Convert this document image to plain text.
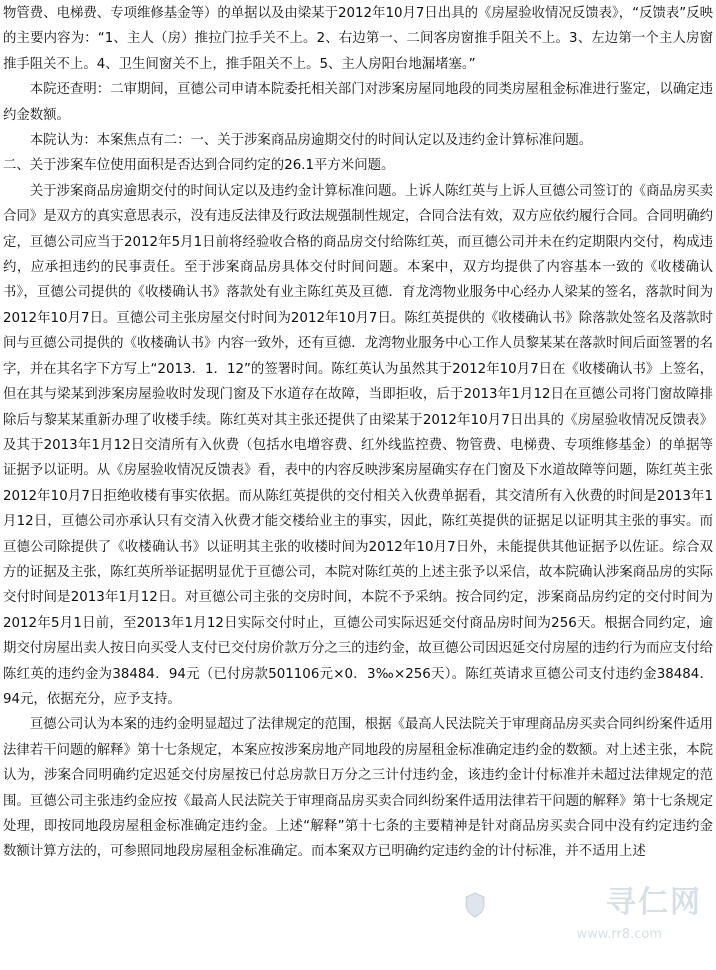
物管费、电梯费、专项维修基金等）的单据以及由梁某于2012年10月7日出具的《房屋验收情况反馈表》，“反馈表”反映的主要内容为：“1、主人（房）推拉门拉手关不上。2、右边第一、二间客房窗推手阻关不上。3、左边第一个主人房窗推手阻关不上。4、卫生间窗关不上，推手阻关不上。5、主人房阳台地漏堵塞。”

本院还查明：二审期间，亘德公司申请本院委托相关部门对涉案房屋同地段的同类房屋租金标准进行鉴定，以确定违约金数额。

本院认为：本案焦点有二：一、关于涉案商品房逾期交付的时间认定以及违约金计算标准问题。

二、关于涉案车位使用面积是否达到合同约定的26.1平方米问题。

关于涉案商品房逾期交付的时间认定以及违约金计算标准问题。上诉人陈红英与上诉人亘德公司签订的《商品房买卖合同》是双方的真实意思表示，没有违反法律及行政法规强制性规定，合同合法有效，双方应依约履行合同。合同明确约定，亘德公司应当于2012年5月1日前将经验收合格的商品房交付给陈红英，而亘德公司并未在约定期限内交付，构成违约，应承担违约的民事责任。至于涉案商品房具体交付时间问题。本案中，双方均提供了内容基本一致的《收楼确认书》，亘德公司提供的《收楼确认书》落款处有业主陈红英及亘德．育龙湾物业服务中心经办人梁某的签名，落款时间为2012年10月7日。亘德公司主张房屋交付时间为2012年10月7日。陈红英提供的《收楼确认书》除落款处签名及落款时间与亘德公司提供的《收楼确认书》内容一致外，还有亘德．龙湾物业服务中心工作人员黎某某在落款时间后面签署的名字，并在其名字下方写上“2013．1．12”的签署时间。陈红英认为虽然其于2012年10月7日在《收楼确认书》上签名，但在其与梁某到涉案房屋验收时发现门窗及下水道存在故障，当即拒收，后于2013年1月12日在亘德公司将门窗故障排除后与黎某某重新办理了收楼手续。陈红英对其主张还提供了由梁某于2012年10月7日出具的《房屋验收情况反馈表》及其于2013年1月12日交清所有入伙费（包括水电增容费、红外线监控费、物管费、电梯费、专项维修基金）的单据等证据予以证明。从《房屋验收情况反馈表》看，表中的内容反映涉案房屋确实存在门窗及下水道故障等问题，陈红英主张2012年10月7日拒绝收楼有事实依据。而从陈红英提供的交付相关入伙费单据看，其交清所有入伙费的时间是2013年1月12日，亘德公司亦承认只有交清入伙费才能交楼给业主的事实，因此，陈红英提供的证据足以证明其主张的事实。而亘德公司除提供了《收楼确认书》以证明其主张的收楼时间为2012年10月7日外，未能提供其他证据予以佐证。综合双方的证据及主张，陈红英所举证据明显优于亘德公司，本院对陈红英的上述主张予以采信，故本院确认涉案商品房的实际交付时间是2013年1月12日。对亘德公司主张的交房时间，本院不予采纳。按合同约定，涉案商品房约定的交付时间为2012年5月1日前，至2013年1月12日实际交付时止，亘德公司实际迟延交付商品房时间为256天。根据合同约定，逾期交付房屋出卖人按日向买受人支付已交付房价款万分之三的违约金，故亘德公司因迟延交付房屋的违约行为而应支付给陈红英的违约金为38484．94元（已付房款501106元×0．3‰×256天）。陈红英请求亘德公司支付违约金38484．94元，依据充分，应予支持。

亘德公司认为本案的违约金明显超过了法律规定的范围，根据《最高人民法院关于审理商品房买卖合同纠纷案件适用法律若干问题的解释》第十七条规定，本案应按涉案房地产同地段的房屋租金标准确定违约金的数额。对上述主张，本院认为，涉案合同明确约定迟延交付房屋按已付总房款日万分之三计付违约金，该违约金计付标准并未超过法律规定的范围。亘德公司主张违约金应按《最高人民法院关于审理商品房买卖合同纠纷案件适用法律若干问题的解释》第十七条规定处理，即按同地段房屋租金标准确定违约金。上述“解释”第十七条的主要精神是针对商品房买卖合同中没有约定违约金数额计算方法的，可参照同地段房屋租金标准确定。而本案双方已明确约定违约金的计付标准，并不适用上述

寻仁网
www.rr8.com
